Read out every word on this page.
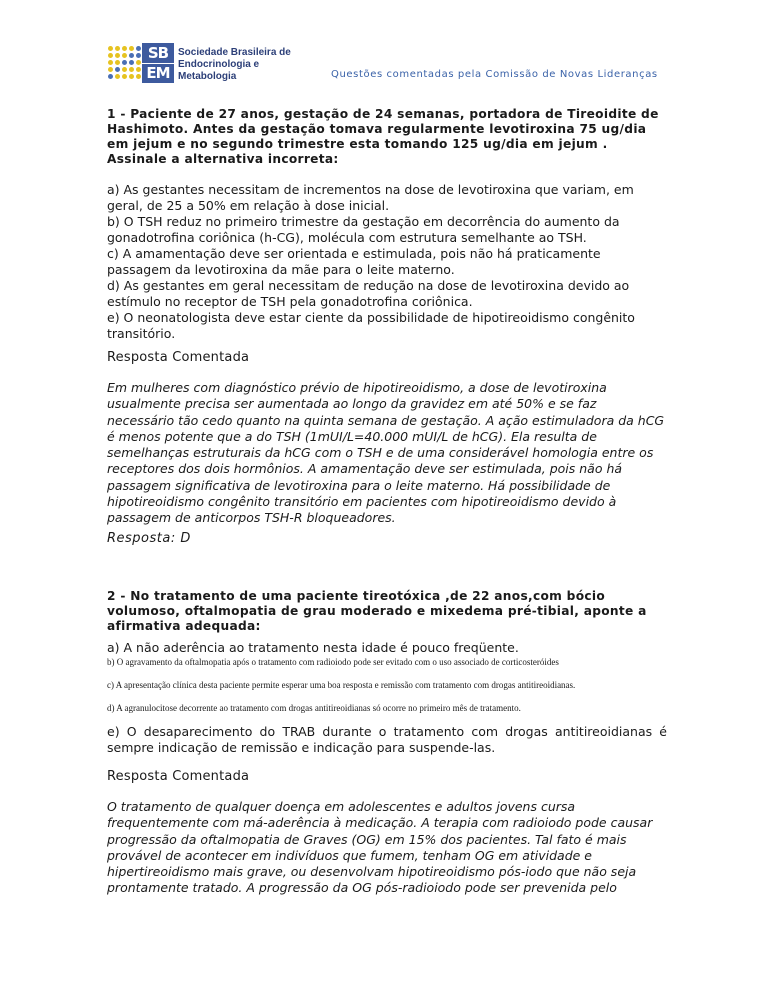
SB
EM
Sociedade Brasileira de
Endocrinologia e Metabologia	Questões comentadas pela Comissão de Novas Lideranças

1 - Paciente de 27 anos, gestação de 24 semanas, portadora de Tireoidite de Hashimoto. Antes da gestação tomava regularmente levotiroxina 75 ug/dia em jejum e no segundo trimestre esta tomando 125 ug/dia em jejum . Assinale a alternativa incorreta:

a) As gestantes necessitam de incrementos na dose de levotiroxina que variam, em geral, de 25 a 50% em relação à dose inicial.

b) O TSH reduz no primeiro trimestre da gestação em decorrência do aumento da gonadotrofina coriônica (h-CG), molécula com estrutura semelhante ao TSH.

c) A amamentação deve ser orientada e estimulada, pois não há praticamente passagem da levotiroxina da mãe para o leite materno.

d) As gestantes em geral necessitam de redução na dose de levotiroxina devido ao estímulo no receptor de TSH pela gonadotrofina coriônica.

e) O neonatologista deve estar ciente da possibilidade de hipotireoidismo congênito transitório.

Resposta Comentada

Em mulheres com diagnóstico prévio de hipotireoidismo, a dose de levotiroxina usualmente precisa ser aumentada ao longo da gravidez em até 50% e se faz necessário tão cedo quanto na quinta semana de gestação. A ação estimuladora da hCG é menos potente que a do TSH (1mUI/L=40.000 mUI/L de hCG). Ela resulta de semelhanças estruturais da hCG com o TSH e de uma considerável homologia entre os receptores dos dois hormônios. A amamentação deve ser estimulada, pois não há passagem significativa de levotiroxina para o leite materno. Há possibilidade de hipotireoidismo congênito transitório em pacientes com hipotireoidismo devido à passagem de anticorpos TSH-R bloqueadores.

Resposta: D

2 - No tratamento de uma paciente tireotóxica ,de 22 anos,com bócio volumoso, oftalmopatia de grau moderado e mixedema pré-tibial, aponte a afirmativa adequada:

a) A não aderência ao tratamento nesta idade é pouco freqüente.

b) O agravamento da oftalmopatia após o tratamento com radioiodo pode ser evitado com o uso associado de corticosteróides

c) A apresentação clínica desta paciente permite esperar uma boa resposta e remissão com tratamento com drogas antitireoidianas.

d) A agranulocitose decorrente ao tratamento com drogas antitireoidianas só ocorre no primeiro mês de tratamento.

e) O desaparecimento do TRAB durante o tratamento com drogas antitireoidianas é sempre indicação de remissão e indicação para suspende-las.

Resposta Comentada

O tratamento de qualquer doença em adolescentes e adultos jovens cursa frequentemente com má-aderência à medicação. A terapia com radioiodo pode causar progressão da oftalmopatia de Graves (OG) em 15% dos pacientes. Tal fato é mais provável de acontecer em indivíduos que fumem, tenham OG em atividade e hipertireoidismo mais grave, ou desenvolvam hipotireoidismo pós-iodo que não seja prontamente tratado. A progressão da OG pós-radioiodo pode ser prevenida pelo
